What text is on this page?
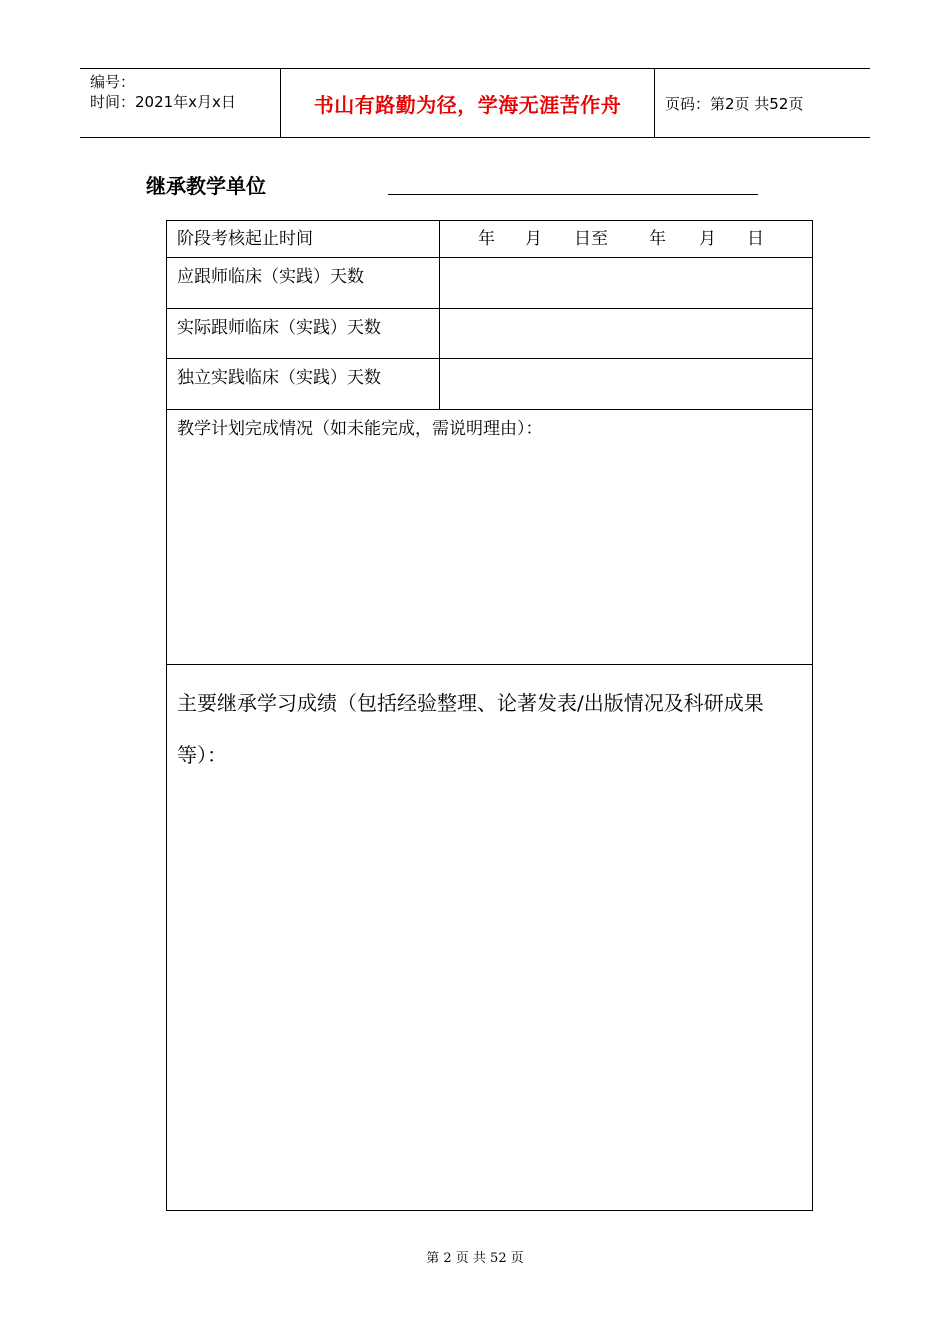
编号：
时间：2021年x月x日	书山有路勤为径，学海无涯苦作舟	页码：第2页 共52页
继承教学单位
阶段考核起止时间	年 月 日至 年 月 日
应跟师临床（实践）天数
实际跟师临床（实践）天数
独立实践临床（实践）天数
教学计划完成情况（如未能完成，需说明理由）：
主要继承学习成绩（包括经验整理、论著发表/出版情况及科研成果等）：
第 2 页 共 52 页
